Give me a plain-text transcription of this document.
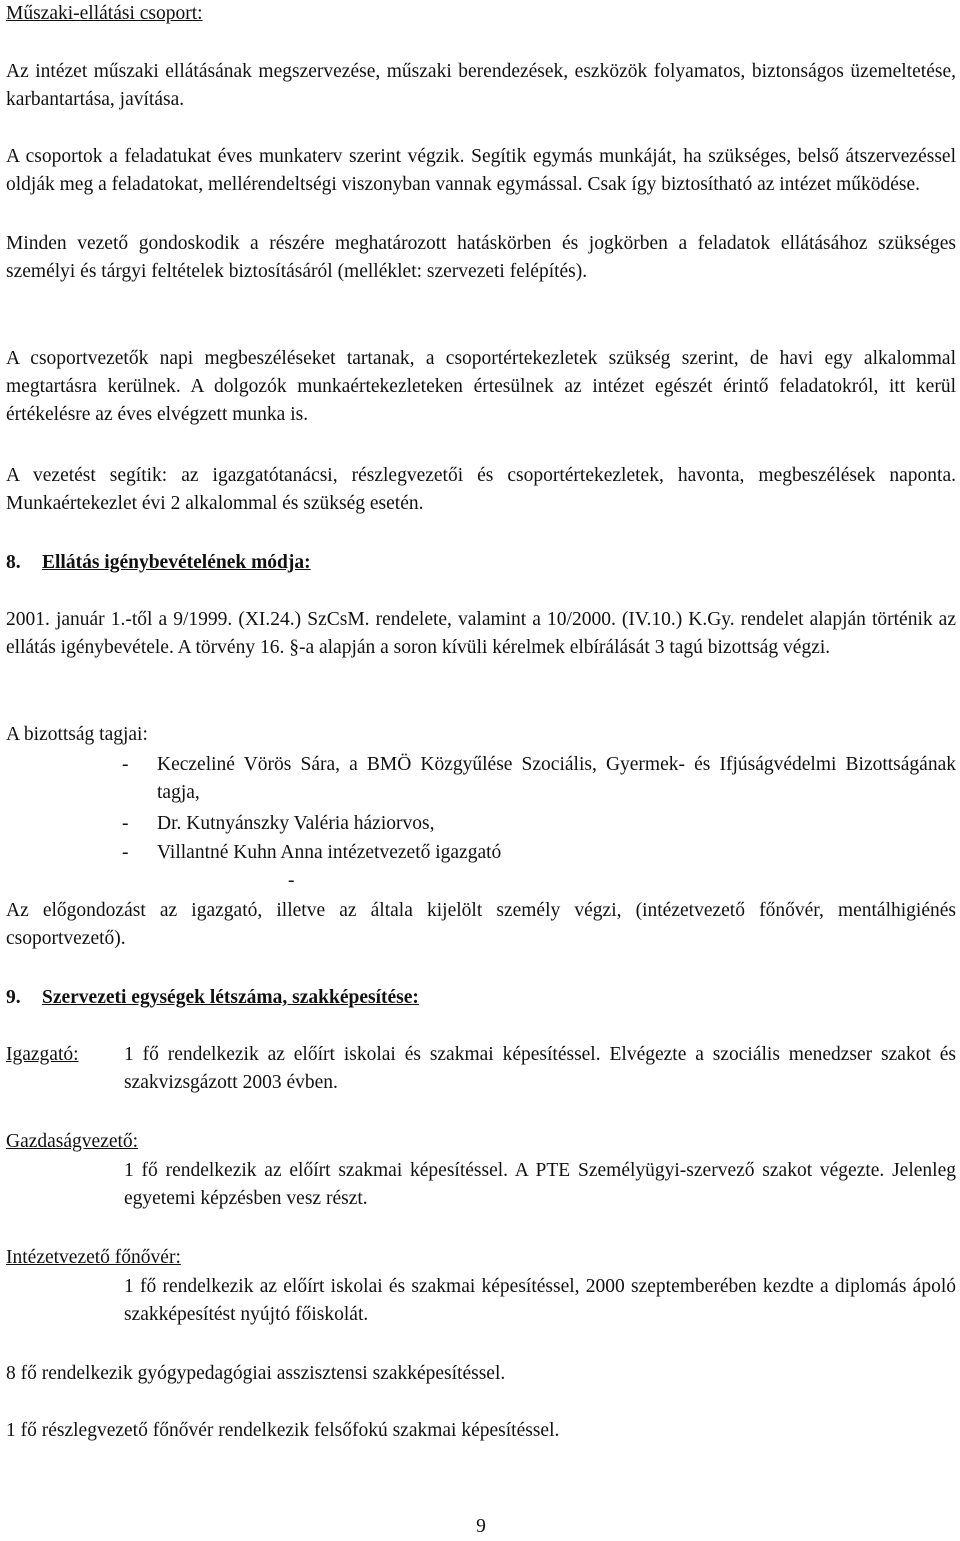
Műszaki-ellátási csoport:

Az intézet műszaki ellátásának megszervezése, műszaki berendezések, eszközök folyamatos, biztonságos üzemeltetése, karbantartása, javítása.

A csoportok a feladatukat éves munkaterv szerint végzik. Segítik egymás munkáját, ha szükséges, belső átszervezéssel oldják meg a feladatokat, mellérendeltségi viszonyban vannak egymással. Csak így biztosítható az intézet működése.

Minden vezető gondoskodik a részére meghatározott hatáskörben és jogkörben a feladatok ellátásához szükséges személyi és tárgyi feltételek biztosításáról (melléklet: szervezeti felépítés).

A csoportvezetők napi megbeszéléseket tartanak, a csoportértekezletek szükség szerint, de havi egy alkalommal megtartásra kerülnek. A dolgozók munkaértekezleteken értesülnek az intézet egészét érintő feladatokról, itt kerül értékelésre az éves elvégzett munka is.

A vezetést segítik: az igazgatótanácsi, részlegvezetői és csoportértekezletek, havonta, megbeszélések naponta. Munkaértekezlet évi 2 alkalommal és szükség esetén.

8. Ellátás igénybevételének módja:

2001. január 1.-től a 9/1999. (XI.24.) SzCsM. rendelete, valamint a 10/2000. (IV.10.) K.Gy. rendelet alapján történik az ellátás igénybevétele. A törvény 16. §-a alapján a soron kívüli kérelmek elbírálását 3 tagú bizottság végzi.

A bizottság tagjai:
-	Keczeliné Vörös Sára, a BMÖ Közgyűlése Szociális, Gyermek- és Ifjúságvédelmi Bizottságának tagja,
-	Dr. Kutnyánszky Valéria háziorvos,
-	Villantné Kuhn Anna intézetvezető igazgató
-

Az előgondozást az igazgató, illetve az általa kijelölt személy végzi, (intézetvezető főnővér, mentálhigiénés csoportvezető).

9. Szervezeti egységek létszáma, szakképesítése:
Igazgató:	1 fő rendelkezik az előírt iskolai és szakmai képesítéssel. Elvégezte a szociális menedzser szakot és szakvizsgázott 2003 évben.

Gazdaságvezető:

1 fő rendelkezik az előírt szakmai képesítéssel. A PTE Személyügyi-szervező szakot végezte. Jelenleg egyetemi képzésben vesz részt.

Intézetvezető főnővér:

1 fő rendelkezik az előírt iskolai és szakmai képesítéssel, 2000 szeptemberében kezdte a diplomás ápoló szakképesítést nyújtó főiskolát.

8 fő rendelkezik gyógypedagógiai asszisztensi szakképesítéssel.
1 fő részlegvezető főnővér rendelkezik felsőfokú szakmai képesítéssel.
9
